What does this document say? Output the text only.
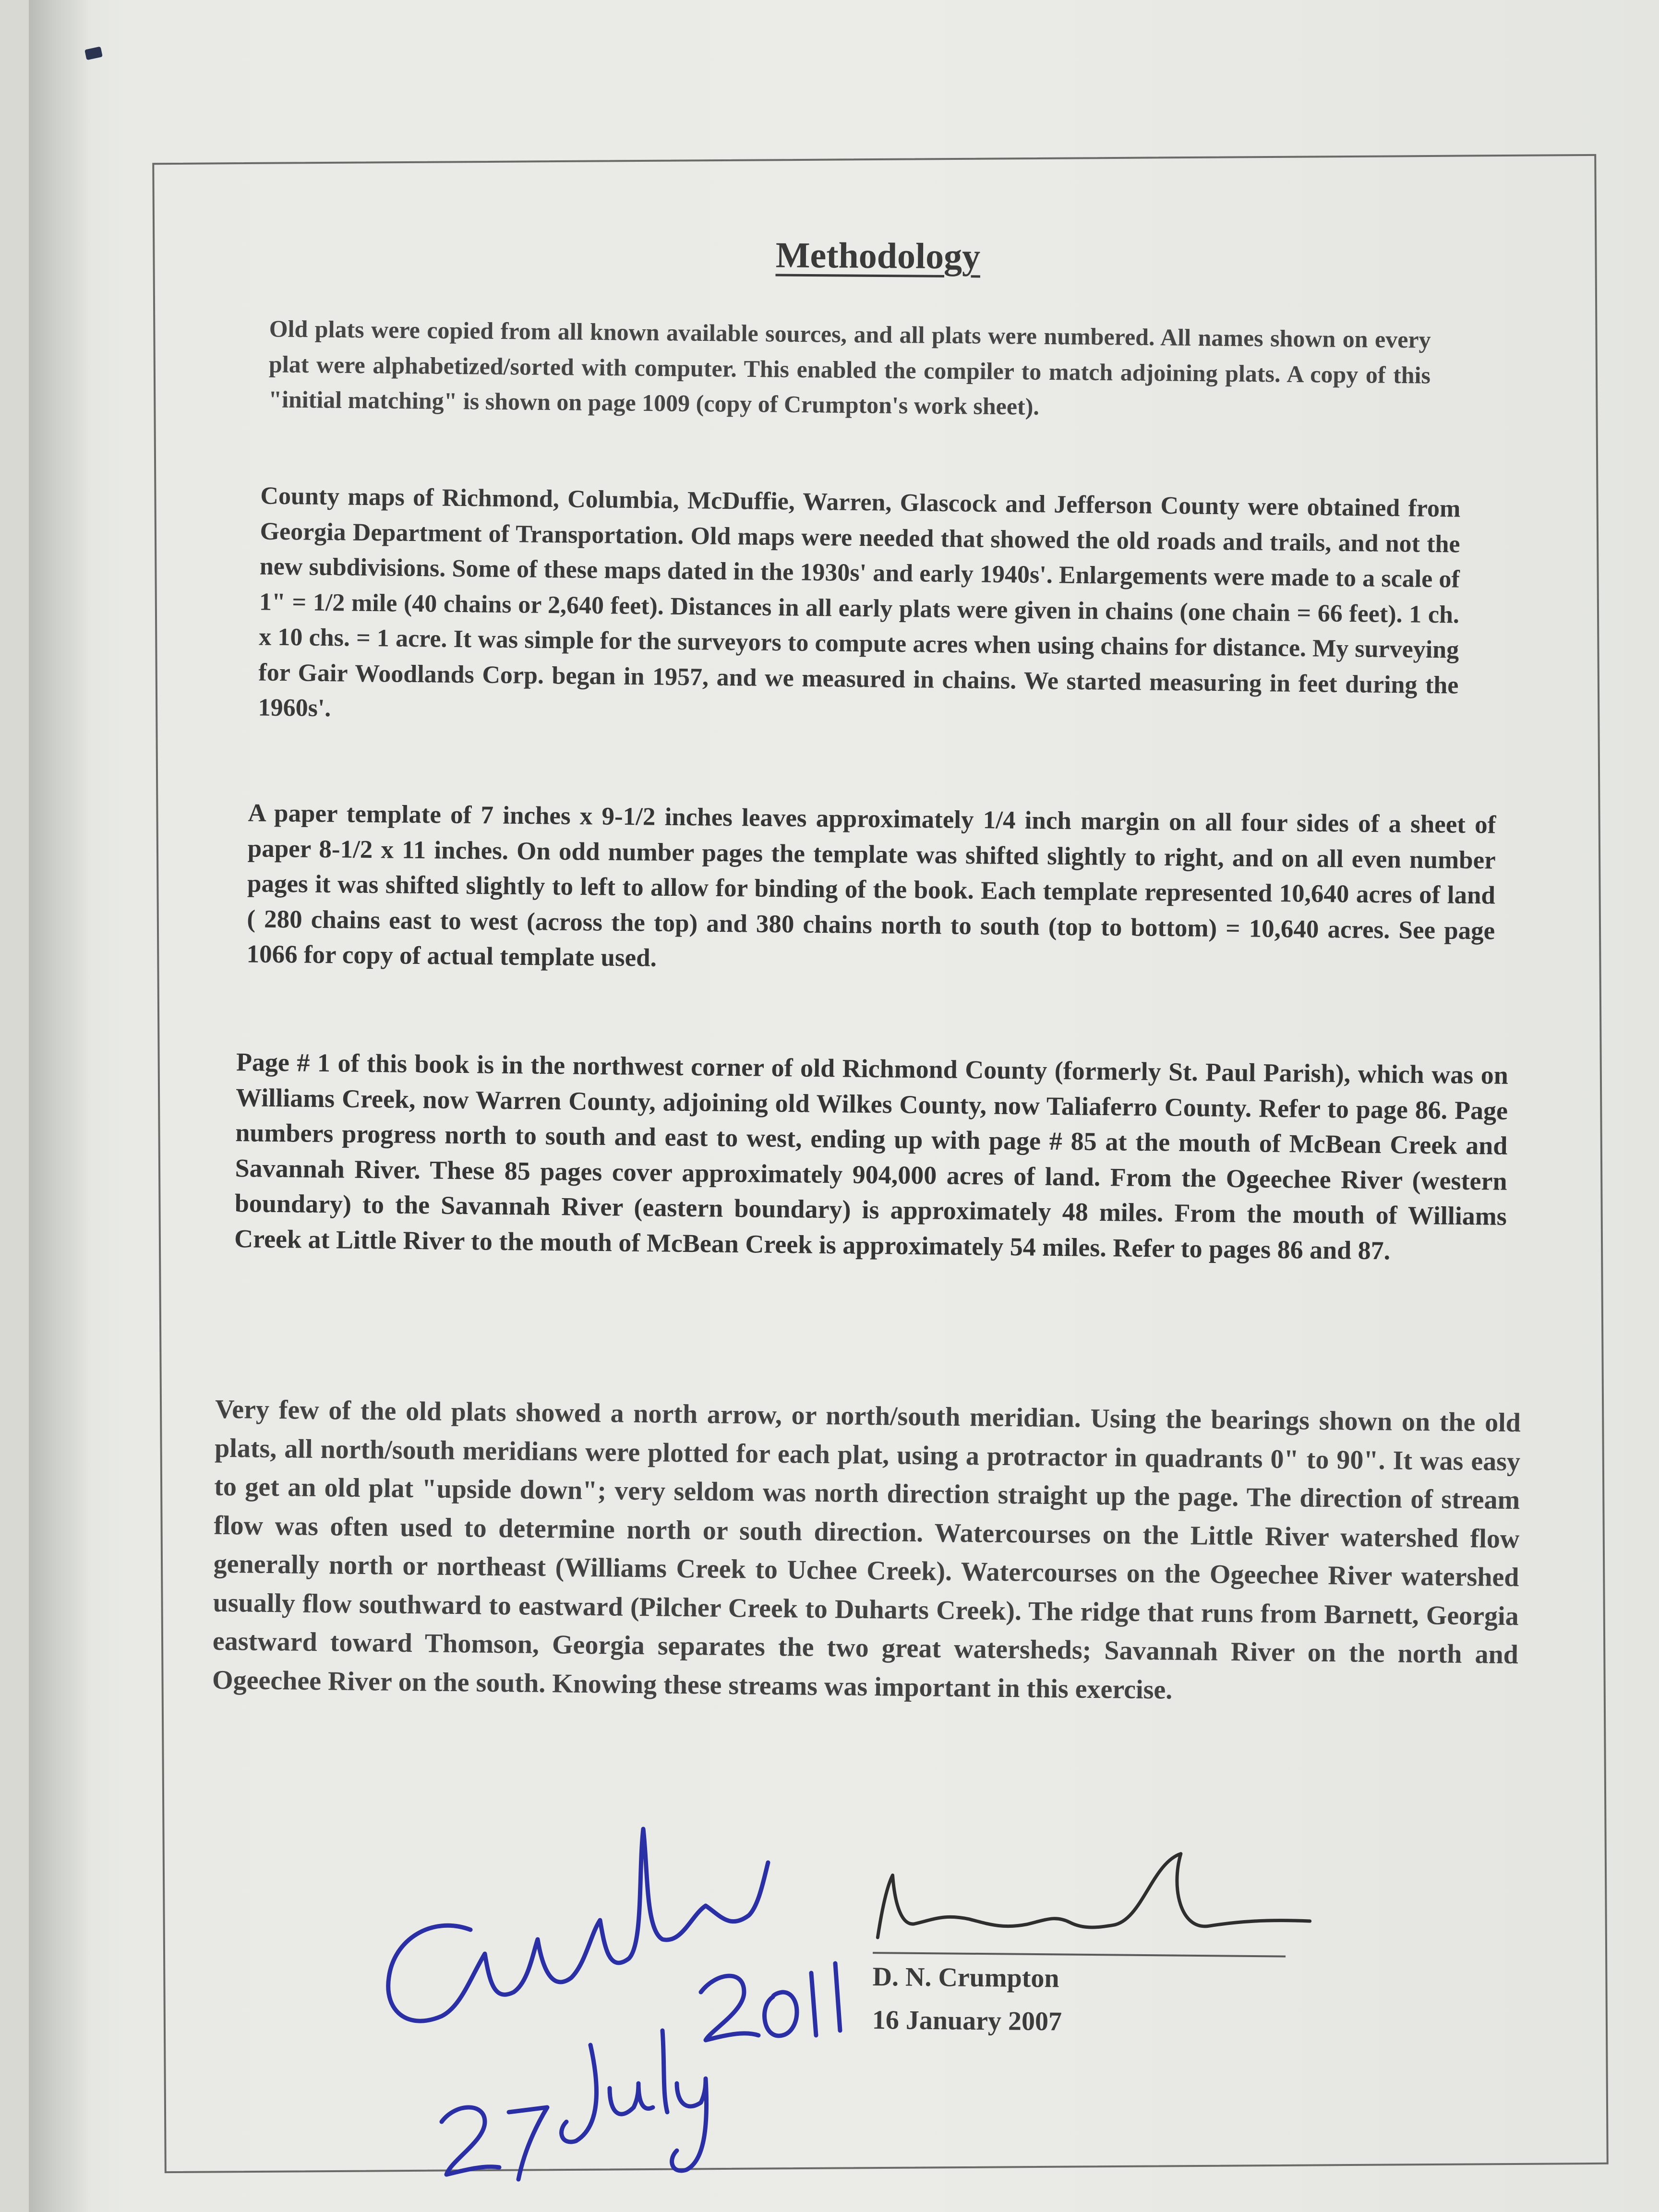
Methodology

Old plats were copied from all known available sources, and all plats were numbered. All names shown on every plat were alphabetized/sorted with computer. This enabled the compiler to match adjoining plats. A copy of this "initial matching" is shown on page 1009 (copy of Crumpton's work sheet).

County maps of Richmond, Columbia, McDuffie, Warren, Glascock and Jefferson County were obtained from Georgia Department of Transportation. Old maps were needed that showed the old roads and trails, and not the new subdivisions. Some of these maps dated in the 1930s' and early 1940s'. Enlargements were made to a scale of 1" = 1/2 mile (40 chains or 2,640 feet). Distances in all early plats were given in chains (one chain = 66 feet). 1 ch. x 10 chs. = 1 acre. It was simple for the surveyors to compute acres when using chains for distance. My surveying for Gair Woodlands Corp. began in 1957, and we measured in chains. We started measuring in feet during the 1960s'.

A paper template of 7 inches x 9-1/2 inches leaves approximately 1/4 inch margin on all four sides of a sheet of paper 8-1/2 x 11 inches. On odd number pages the template was shifted slightly to right, and on all even number pages it was shifted slightly to left to allow for binding of the book. Each template represented 10,640 acres of land ( 280 chains east to west (across the top) and 380 chains north to south (top to bottom) = 10,640 acres. See page 1066 for copy of actual template used.

Page # 1 of this book is in the northwest corner of old Richmond County (formerly St. Paul Parish), which was on Williams Creek, now Warren County, adjoining old Wilkes County, now Taliaferro County. Refer to page 86. Page numbers progress north to south and east to west, ending up with page # 85 at the mouth of McBean Creek and Savannah River. These 85 pages cover approximately 904,000 acres of land. From the Ogeechee River (western boundary) to the Savannah River (eastern boundary) is approximately 48 miles. From the mouth of Williams Creek at Little River to the mouth of McBean Creek is approximately 54 miles. Refer to pages 86 and 87.

Very few of the old plats showed a north arrow, or north/south meridian. Using the bearings shown on the old plats, all north/south meridians were plotted for each plat, using a protractor in quadrants 0" to 90". It was easy to get an old plat "upside down"; very seldom was north direction straight up the page. The direction of stream flow was often used to determine north or south direction. Watercourses on the Little River watershed flow generally north or northeast (Williams Creek to Uchee Creek). Watercourses on the Ogeechee River watershed usually flow southward to eastward (Pilcher Creek to Duharts Creek). The ridge that runs from Barnett, Georgia eastward toward Thomson, Georgia separates the two great watersheds; Savannah River on the north and Ogeechee River on the south. Knowing these streams was important in this exercise.

D. N. Crumpton
16 January 2007
